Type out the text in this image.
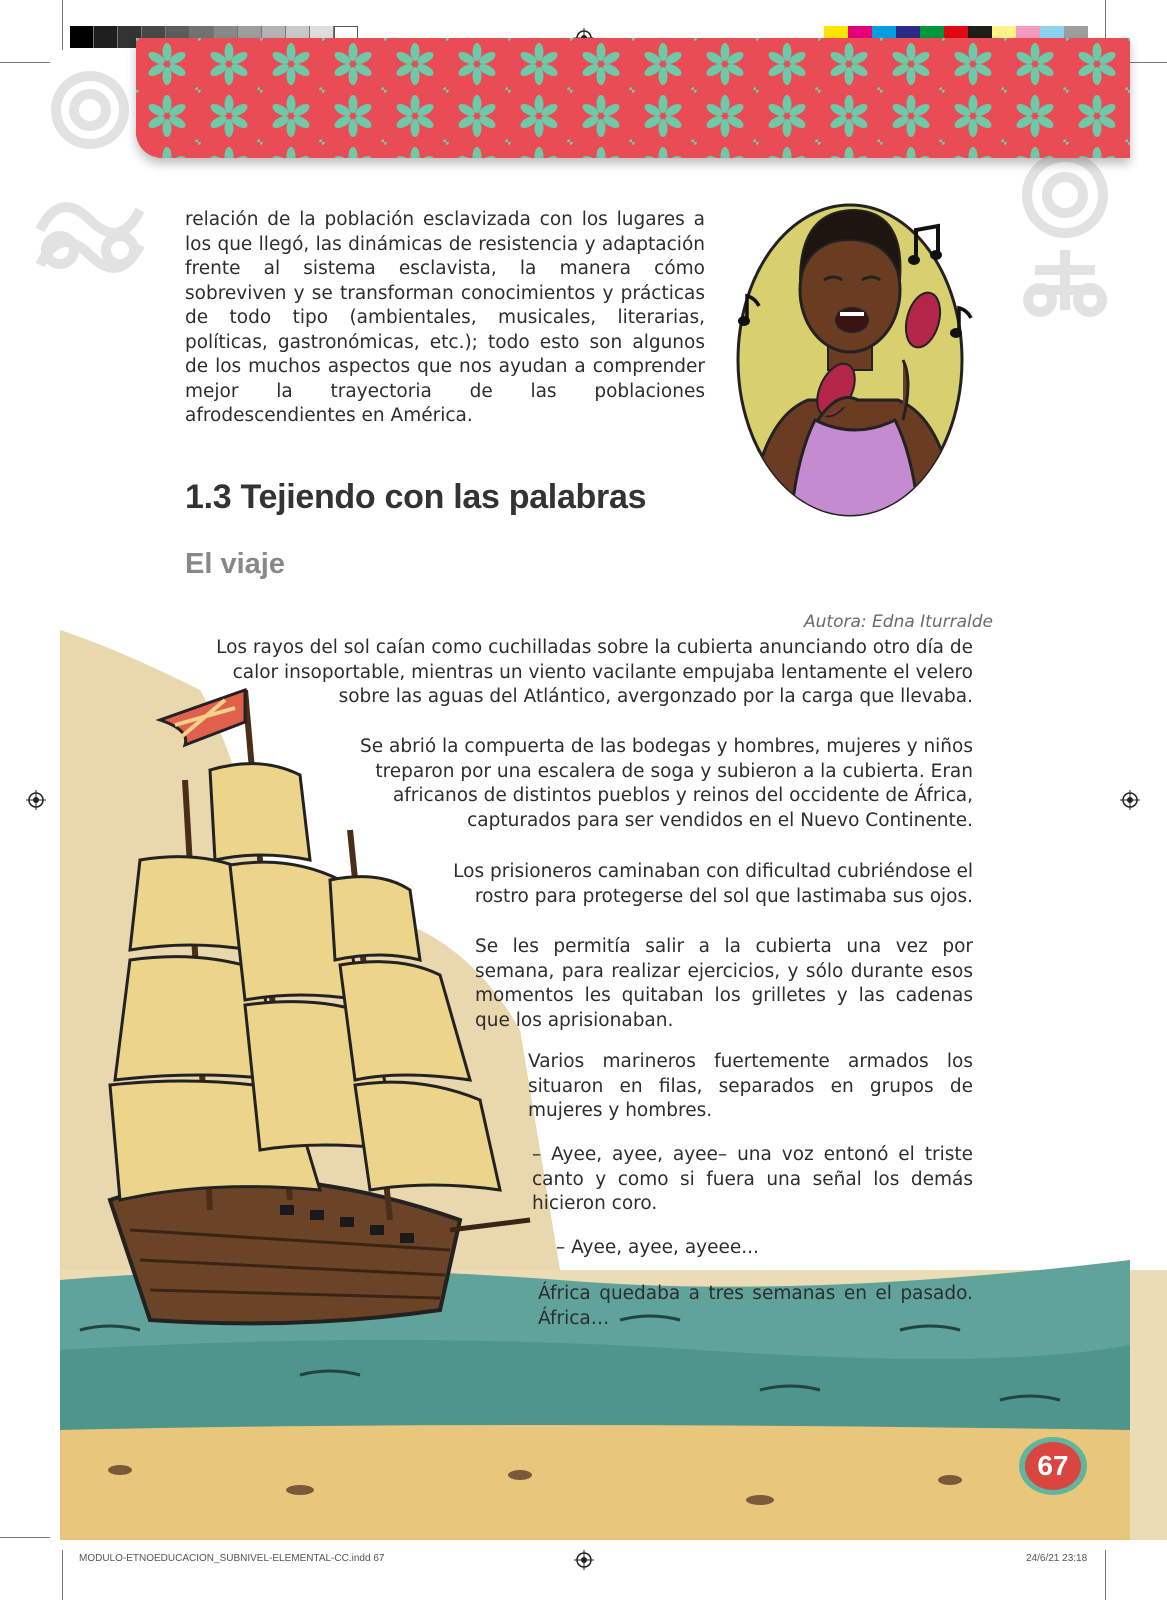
relación de la población esclavizada con los lugares a los que llegó, las dinámicas de resistencia y adaptación frente al sistema esclavista, la manera cómo sobreviven y se transforman conocimientos y prácticas de todo tipo (ambientales, musicales, literarias, políticas, gastronómicas, etc.); todo esto son algunos de los muchos aspectos que nos ayudan a comprender mejor la trayectoria de las poblaciones afrodescendientes en América.

1.3 Tejiendo con las palabras
El viaje
Autora: Edna Iturralde

Los rayos del sol caían como cuchilladas sobre la cubierta anunciando otro día de calor insoportable, mientras un viento vacilante empujaba lentamente el velero sobre las aguas del Atlántico, avergonzado por la carga que llevaba.

Se abrió la compuerta de las bodegas y hombres, mujeres y niños treparon por una escalera de soga y subieron a la cubierta. Eran africanos de distintos pueblos y reinos del occidente de África, capturados para ser vendidos en el Nuevo Continente.

Los prisioneros caminaban con dificultad cubriéndose el rostro para protegerse del sol que lastimaba sus ojos.

Se les permitía salir a la cubierta una vez por semana, para realizar ejercicios, y sólo durante esos momentos les quitaban los grilletes y las cadenas que los aprisionaban.

Varios marineros fuertemente armados los situaron en filas, separados en grupos de mujeres y hombres.

– Ayee, ayee, ayee– una voz entonó el triste canto y como si fuera una señal los demás hicieron coro.

– Ayee, ayee, ayeee...

África quedaba a tres semanas en el pasado. África…

67
MODULO-ETNOEDUCACION_SUBNIVEL-ELEMENTAL-CC.indd 67	24/6/21 23:18
